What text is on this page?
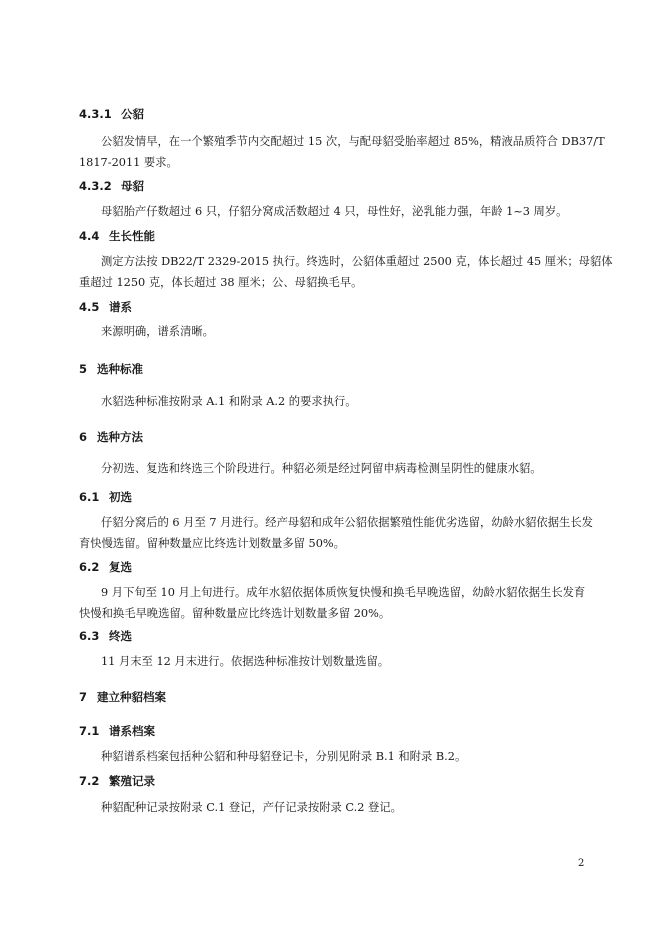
4.3.1 公貂
公貂发情早，在一个繁殖季节内交配超过 15 次，与配母貂受胎率超过 85%，精液品质符合 DB37/T
1817-2011 要求。
4.3.2 母貂
母貂胎产仔数超过 6 只，仔貂分窝成活数超过 4 只，母性好，泌乳能力强，年龄 1~3 周岁。
4.4 生长性能
测定方法按 DB22/T 2329-2015 执行。终选时，公貂体重超过 2500 克，体长超过 45 厘米；母貂体
重超过 1250 克，体长超过 38 厘米；公、母貂换毛早。
4.5 谱系
来源明确，谱系清晰。
5 选种标准
水貂选种标准按附录 A.1 和附录 A.2 的要求执行。
6 选种方法
分初选、复选和终选三个阶段进行。种貂必须是经过阿留申病毒检测呈阴性的健康水貂。
6.1 初选
仔貂分窝后的 6 月至 7 月进行。经产母貂和成年公貂依据繁殖性能优劣选留，幼龄水貂依据生长发
育快慢选留。留种数量应比终选计划数量多留 50%。
6.2 复选
9 月下旬至 10 月上旬进行。成年水貂依据体质恢复快慢和换毛早晚选留，幼龄水貂依据生长发育
快慢和换毛早晚选留。留种数量应比终选计划数量多留 20%。
6.3 终选
11 月末至 12 月末进行。依据选种标准按计划数量选留。
7 建立种貂档案
7.1 谱系档案
种貂谱系档案包括种公貂和种母貂登记卡，分别见附录 B.1 和附录 B.2。
7.2 繁殖记录
种貂配种记录按附录 C.1 登记，产仔记录按附录 C.2 登记。
2
